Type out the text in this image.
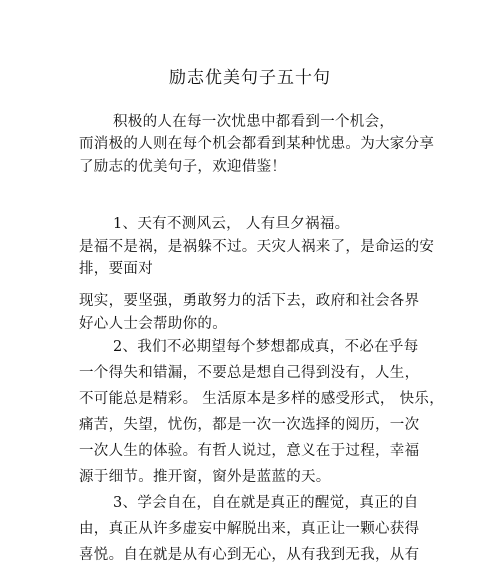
励志优美句子五十句
积极的人在每一次忧患中都看到一个机会，
而消极的人则在每个机会都看到某种忧患。为大家分享
了励志的优美句子，欢迎借鉴！
1、天有不测风云， 人有旦夕祸福。
是福不是祸，是祸躲不过。天灾人祸来了，是命运的安
排，要面对
现实，要坚强，勇敢努力的活下去，政府和社会各界
好心人士会帮助你的。
2、我们不必期望每个梦想都成真，不必在乎每
一个得失和错漏，不要总是想自己得到没有，人生，
不可能总是精彩。 生活原本是多样的感受形式， 快乐，
痛苦，失望，忧伤，都是一次一次选择的阅历，一次
一次人生的体验。有哲人说过，意义在于过程，幸福
源于细节。推开窗，窗外是蓝蓝的天。
3、学会自在，自在就是真正的醒觉，真正的自
由，真正从许多虚妄中解脱出来，真正让一颗心获得
喜悦。自在就是从有心到无心，从有我到无我，从有
